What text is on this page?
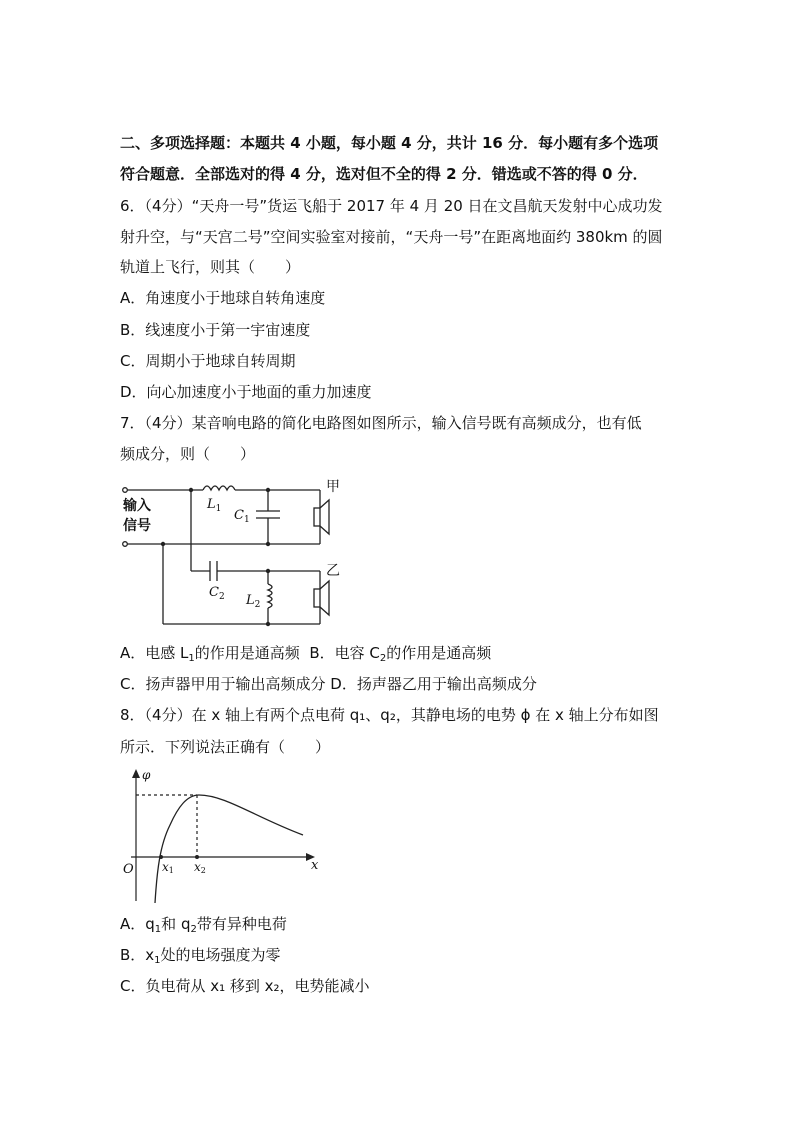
二、多项选择题：本题共 4 小题，每小题 4 分，共计 16 分．每小题有多个选项
符合题意．全部选对的得 4 分，选对但不全的得 2 分．错选或不答的得 0 分．
6．（4分）“天舟一号”货运飞船于 2017 年 4 月 20 日在文昌航天发射中心成功发
射升空，与“天宫二号”空间实验室对接前，“天舟一号”在距离地面约 380km 的圆
轨道上飞行，则其（　　）
A．角速度小于地球自转角速度
B．线速度小于第一宇宙速度
C．周期小于地球自转周期
D．向心加速度小于地面的重力加速度
7．（4分）某音响电路的简化电路图如图所示，输入信号既有高频成分，也有低
频成分，则（　　）
输入
信号
甲
乙
$L_1$ $C_1$
$C_2$ $L_2$
A．电感 $L_1$的作用是通高频 B．电容 $C_2$的作用是通高频
C．扬声器甲用于输出高频成分 D．扬声器乙用于输出高频成分
8．（4分）在 x 轴上有两个点电荷 q₁、q₂，其静电场的电势 ϕ 在 x 轴上分布如图
所示．下列说法正确有（　　）
φ
O	x
x1 x2
A．$q_1$和 $q_2$带有异种电荷
B．$x_1$处的电场强度为零
C．负电荷从 x₁ 移到 x₂，电势能减小
